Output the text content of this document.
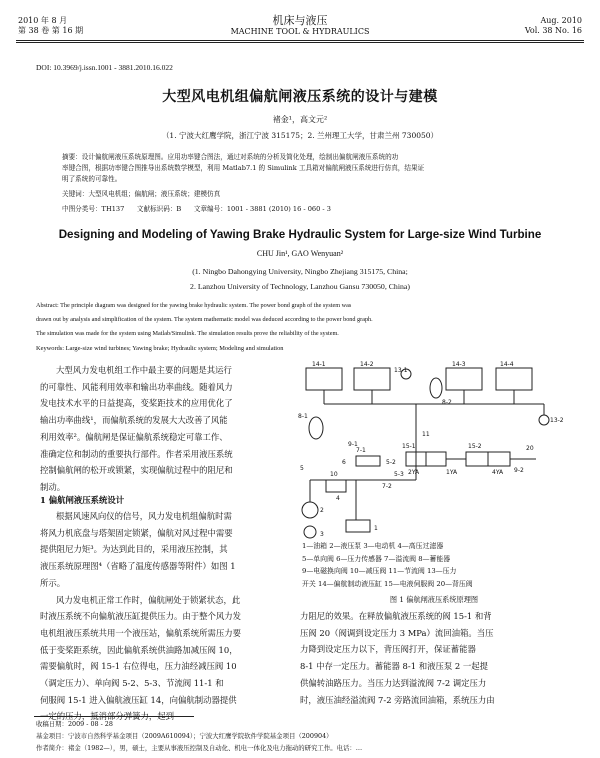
2010 年 8 月
第 38 卷 第 16 期
机床与液压
MACHINE TOOL & HYDRAULICS
Aug. 2010
Vol. 38 No. 16
DOI: 10.3969/j.issn.1001 - 3881.2010.16.022
大型风电机组偏航闸液压系统的设计与建模
褚金¹，高文元²
（1. 宁波大红鹰学院，浙江宁波 315175；2. 兰州理工大学，甘肃兰州 730050）
摘要：设计偏航闸液压系统原理图。应用功率键合图法，通过对系统的分析及简化处理，绘制出偏航闸液压系统的功
率键合图，根据功率键合图推导出系统数学模型，利用 Matlab7.1 的 Simulink 工具箱对偏航闸液压系统进行仿真，结果证
明了系统的可靠性。
关键词：大型风电机组；偏航闸；液压系统；建模仿真
中图分类号：TH137      文献标识码：B      文章编号：1001 - 3881 (2010) 16 - 060 - 3
Designing and Modeling of Yawing Brake Hydraulic System for Large-size Wind Turbine
CHU Jin¹, GAO Wenyuan²
(1. Ningbo Dahongying University, Ningbo Zhejiang 315175, China;
2. Lanzhou University of Technology, Lanzhou Gansu 730050, China)
Abstract: The principle diagram was designed for the yawing brake hydraulic system. The power bond graph of the system was
drawn out by analysis and simplification of the system. The system mathematic model was deduced according to the power bond graph.
The simulation was made for the system using Matlab/Simulink. The simulation results prove the reliability of the system.
Keywords: Large-size wind turbines; Yawing brake; Hydraulic system; Modeling and simulation
大型风力发电机组工作中最主要的问题是其运行
的可靠性、风能利用效率和输出功率曲线。随着风力
发电技术水平的日益提高，变桨距技术的应用优化了
输出功率曲线¹，而偏航系统的发展大大改善了风能
利用效率²。偏航闸是保证偏航系统稳定可靠工作、
准确定位和制动的重要执行部件。作者采用液压系统
控制偏航闸的松开或锁紧，实现偏航过程中的阻尼和
制动。
1 偏航闸液压系统设计
根据风速风向仪的信号，风力发电机组偏航时需
将风力机底盘与塔架固定锁紧，偏航对风过程中需要
提供阻尼力矩³。为达到此目的，采用液压控制，其
液压系统原理图⁴（省略了温度传感器等附件）如图 1
所示。
风力发电机正常工作时，偏航闸处于锁紧状态，此
时液压系统不向偏航液压缸提供压力。由于整个风力发
电机组液压系统共用一个液压站，偏航系统所需压力要
低于变桨距系统，因此偏航系统供油路加减压阀 10，
需要偏航时，阀 15-1 右位得电，压力油经减压阀 10
（调定压力）、单向阀 5-2、5-3、节流阀 11-1 和
伺服阀 15-1 进入偏航液压缸 14，向偏航制动器提供
一定的压力，抵消部分弹簧力，起到
14-1	14-2	14-3	14-4
13-1
13-2
15-1	15-2
8-1
8-2
7-1
7-2
10
5-2
5-3
11
2
3
1
4
5
6
20
2YA	1YA	4YA
9-1
9-2
1—油箱 2—液压泵 3—电动机 4—高压过滤器
5—单向阀 6—压力传感器 7—溢流阀 8—蓄能器
9—电磁换向阀 10—减压阀 11—节流阀 13—压力
开关 14—偏航制动液压缸 15—电液伺服阀 20—背压阀
图 1 偏航闸液压系统原理图
力阻尼的效果。在释放偏航液压系统的阀 15-1 和背
压阀 20（阀调到设定压力 3 MPa）流回油箱。当压
力降到设定压力以下，背压阀打开，保证蓄能器
8-1 中存一定压力。蓄能器 8-1 和液压泵 2 一起提
供偏转油路压力。当压力达到溢流阀 7-2 调定压力
时，液压油经溢流阀 7-2 旁路流回油箱，系统压力由
收稿日期：2009 - 08 - 28
基金项目：宁波市自然科学基金项目（2009A610094）；宁波大红鹰学院软件学院基金项目（200904）
作者简介：褚金（1982—），男，硕士，主要从事液压控制及自动化、机电一体化及电力拖动的研究工作。电话：…
